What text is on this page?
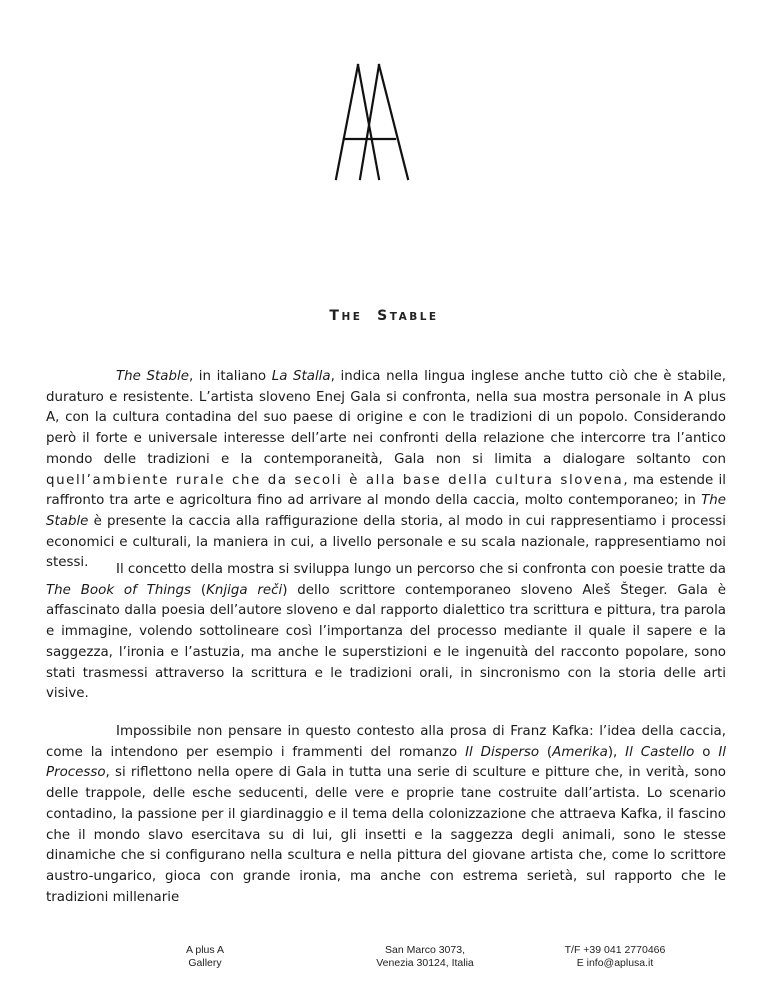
THE STABLE

The Stable, in italiano La Stalla, indica nella lingua inglese anche tutto ciò che è stabile, duraturo e resistente. L’artista sloveno Enej Gala si confronta, nella sua mostra personale in A plus A, con la cultura contadina del suo paese di origine e con le tradizioni di un popolo. Considerando però il forte e universale interesse dell’arte nei confronti della relazione che intercorre tra l’antico mondo delle tradizioni e la contemporaneità, Gala non si limita a dialogare soltanto con quell’ambiente rurale che da secoli è alla base della cultura slovena, ma estende il raffronto tra arte e agricoltura fino ad arrivare al mondo della caccia, molto contemporaneo; in The Stable è presente la caccia alla raffigurazione della storia, al modo in cui rappresentiamo i processi economici e culturali, la maniera in cui, a livello personale e su scala nazionale, rappresentiamo noi stessi.	Il concetto della mostra si sviluppa lungo un percorso che si confronta con poesie tratte da The Book of Things (Knjiga reči) dello scrittore contemporaneo sloveno Aleš Šteger. Gala è affascinato dalla poesia dell’autore sloveno e dal rapporto dialettico tra scrittura e pittura, tra parola e immagine, volendo sottolineare così l’importanza del processo mediante il quale il sapere e la saggezza, l’ironia e l’astuzia, ma anche le superstizioni e le ingenuità del racconto popolare, sono stati trasmessi attraverso la scrittura e le tradizioni orali, in sincronismo con la storia delle arti visive.

Impossibile non pensare in questo contesto alla prosa di Franz Kafka: l’idea della caccia, come la intendono per esempio i frammenti del romanzo Il Disperso (Amerika), Il Castello o Il Processo, si riflettono nella opere di Gala in tutta una serie di sculture e pitture che, in verità, sono delle trappole, delle esche seducenti, delle vere e proprie tane costruite dall’artista. Lo scenario contadino, la passione per il giardinaggio e il tema della colonizzazione che attraeva Kafka, il fascino che il mondo slavo esercitava su di lui, gli insetti e la saggezza degli animali, sono le stesse dinamiche che si configurano nella scultura e nella pittura del giovane artista che, come lo scrittore austro-ungarico, gioca con grande ironia, ma anche con estrema serietà, sul rapporto che le tradizioni millenarie

A plus A
Gallery
San Marco 3073,
Venezia 30124, Italia
T/F +39 041 2770466
E info@aplusa.it
